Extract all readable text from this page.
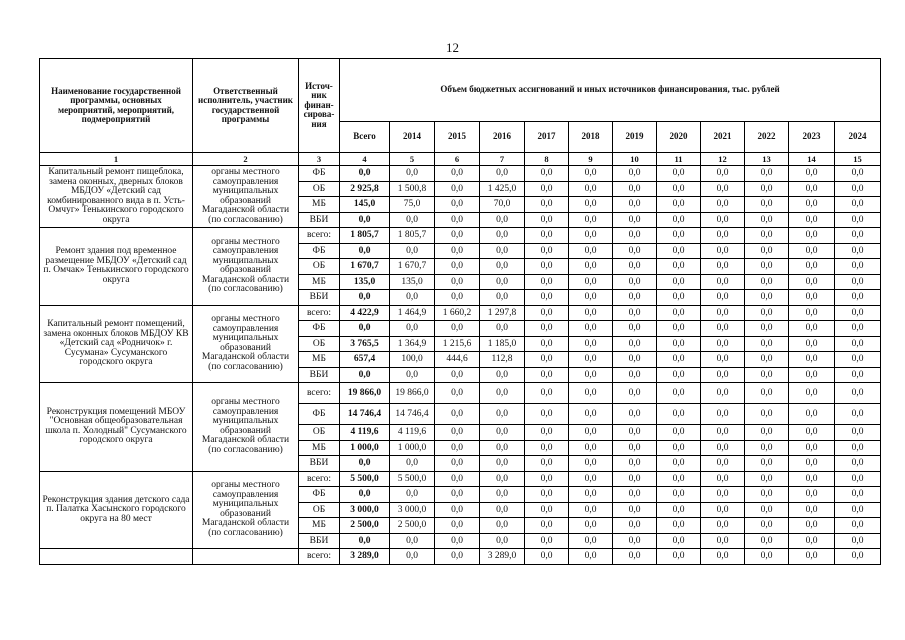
12
Наименование государственной программы, основных мероприятий, мероприятий, подмероприятий	Ответственный исполнитель, участник государственной программы	Источ-ник финан-сирова-ния	Объем бюджетных ассигнований и иных источников финансирования, тыс. рублей											
			Всего	2014	2015	2016	2017	2018	2019	2020	2021	2022	2023	2024
1	2	3	4	5	6	7	8	9	10	11	12	13	14	15
Капитальный ремонт пищеблока, замена оконных, дверных блоков МБДОУ «Детский сад комбинированного вида в п. Усть-Омчуг» Тенькинского городского округа	органы местного самоуправления муниципальных образований Магаданской области (по согласованию)	ФБ	0,0	0,0	0,0	0,0	0,0	0,0	0,0	0,0	0,0	0,0	0,0	0,0
		ОБ	2 925,8	1 500,8	0,0	1 425,0	0,0	0,0	0,0	0,0	0,0	0,0	0,0	0,0
		МБ	145,0	75,0	0,0	70,0	0,0	0,0	0,0	0,0	0,0	0,0	0,0	0,0
		ВБИ	0,0	0,0	0,0	0,0	0,0	0,0	0,0	0,0	0,0	0,0	0,0	0,0
Ремонт здания под временное размещение МБДОУ «Детский сад п. Омчак» Тенькинского городского округа	органы местного самоуправления муниципальных образований Магаданской области (по согласованию)	всего:	1 805,7	1 805,7	0,0	0,0	0,0	0,0	0,0	0,0	0,0	0,0	0,0	0,0
		ФБ	0,0	0,0	0,0	0,0	0,0	0,0	0,0	0,0	0,0	0,0	0,0	0,0
		ОБ	1 670,7	1 670,7	0,0	0,0	0,0	0,0	0,0	0,0	0,0	0,0	0,0	0,0
		МБ	135,0	135,0	0,0	0,0	0,0	0,0	0,0	0,0	0,0	0,0	0,0	0,0
		ВБИ	0,0	0,0	0,0	0,0	0,0	0,0	0,0	0,0	0,0	0,0	0,0	0,0
Капитальный ремонт помещений, замена оконных блоков МБДОУ КВ «Детский сад «Родничок» г. Сусумана» Сусуманского городского округа	органы местного самоуправления муниципальных образований Магаданской области (по согласованию)	всего:	4 422,9	1 464,9	1 660,2	1 297,8	0,0	0,0	0,0	0,0	0,0	0,0	0,0	0,0
		ФБ	0,0	0,0	0,0	0,0	0,0	0,0	0,0	0,0	0,0	0,0	0,0	0,0
		ОБ	3 765,5	1 364,9	1 215,6	1 185,0	0,0	0,0	0,0	0,0	0,0	0,0	0,0	0,0
		МБ	657,4	100,0	444,6	112,8	0,0	0,0	0,0	0,0	0,0	0,0	0,0	0,0
		ВБИ	0,0	0,0	0,0	0,0	0,0	0,0	0,0	0,0	0,0	0,0	0,0	0,0
Реконструкция помещений МБОУ "Основная общеобразовательная школа п. Холодный" Сусуманского городского округа	органы местного самоуправления муниципальных образований Магаданской области (по согласованию)	всего:	19 866,0	19 866,0	0,0	0,0	0,0	0,0	0,0	0,0	0,0	0,0	0,0	0,0
		ФБ	14 746,4	14 746,4	0,0	0,0	0,0	0,0	0,0	0,0	0,0	0,0	0,0	0,0
		ОБ	4 119,6	4 119,6	0,0	0,0	0,0	0,0	0,0	0,0	0,0	0,0	0,0	0,0
		МБ	1 000,0	1 000,0	0,0	0,0	0,0	0,0	0,0	0,0	0,0	0,0	0,0	0,0
		ВБИ	0,0	0,0	0,0	0,0	0,0	0,0	0,0	0,0	0,0	0,0	0,0	0,0
Реконструкция здания детского сада п. Палатка Хасынского городского округа на 80 мест	органы местного самоуправления муниципальных образований Магаданской области (по согласованию)	всего:	5 500,0	5 500,0	0,0	0,0	0,0	0,0	0,0	0,0	0,0	0,0	0,0	0,0
		ФБ	0,0	0,0	0,0	0,0	0,0	0,0	0,0	0,0	0,0	0,0	0,0	0,0
		ОБ	3 000,0	3 000,0	0,0	0,0	0,0	0,0	0,0	0,0	0,0	0,0	0,0	0,0
		МБ	2 500,0	2 500,0	0,0	0,0	0,0	0,0	0,0	0,0	0,0	0,0	0,0	0,0
		ВБИ	0,0	0,0	0,0	0,0	0,0	0,0	0,0	0,0	0,0	0,0	0,0	0,0
		всего:	3 289,0	0,0	0,0	3 289,0	0,0	0,0	0,0	0,0	0,0	0,0	0,0	0,0
